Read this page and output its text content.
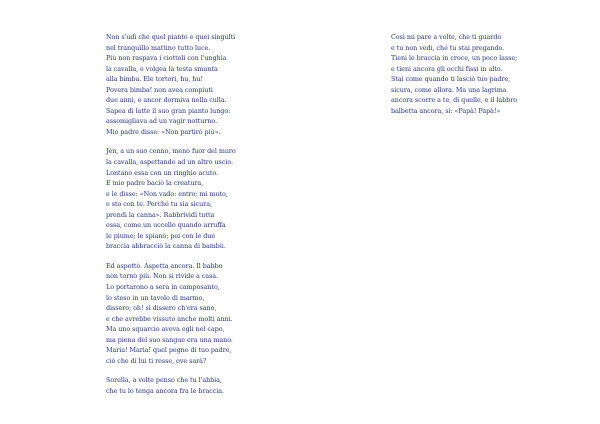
Non s'udì che quel pianto e quei singulti
nel tranquillo mattino tutto luce.
Più non raspava i ciottoli con l'unghia
la cavalla, e volgea la testa smunta
alla bimba. Ele tortori, hu, hu!
Povera bimba! non avea compiuti
due anni, e ancor dormiva nella culla.
Sapea di latte il suo gran pianto lungo:
assomigliava ad un vagir notturno.
Mio padre disse: «Non partirò più».
Jèn, a un suo cenno, menò fuor del muro
la cavalla, aspettando ad un altro uscio.
Lontanò essa con un ringhio acuto.
E mio padre baciò la creatura,
e le disse: «Non vado: entro; mi muto,
e sto con te. Perché tu sia sicura,
prendi la canna». Rabbrividì tutta
essa, come un uccello quando arruffa
le piume; le spianò; poi con le due
braccia abbracciò la canna di bambù.
Ed aspettò. Aspetta ancora. Il babbo
non tornò più. Non si rivide a casa.
Lo portarono a sera in camposanto,
lo steso in un tavolo di marmo,
dissero; oh! sì dissero ch'era sano,
e che avrebbe vissuto anche molti anni.
Ma uno squarcio aveva egli nel capo,
ma piena del suo sangue era una mano.
Maria! Maria! quel pegno di tuo padre,
ciò che di lui ti resse, ove sarà?
Sorella, a volte penso che tu l'abbia,
che tu lo tenga ancora fra le braccia.
Così mi pare a volte, che ti guardo
e tu non vedi, ché tu stai pregando.
Tieni le braccia in croce, un poco lasse;
e tieni ancora gli occhi fissi in alto.
Stai come quando ti lasciò tuo padre,
sicura, come allora. Ma una lagrima
ancora scorre a te, di quelle, e il labbro
balbetta ancora, sì: «Papà! Papà!»
